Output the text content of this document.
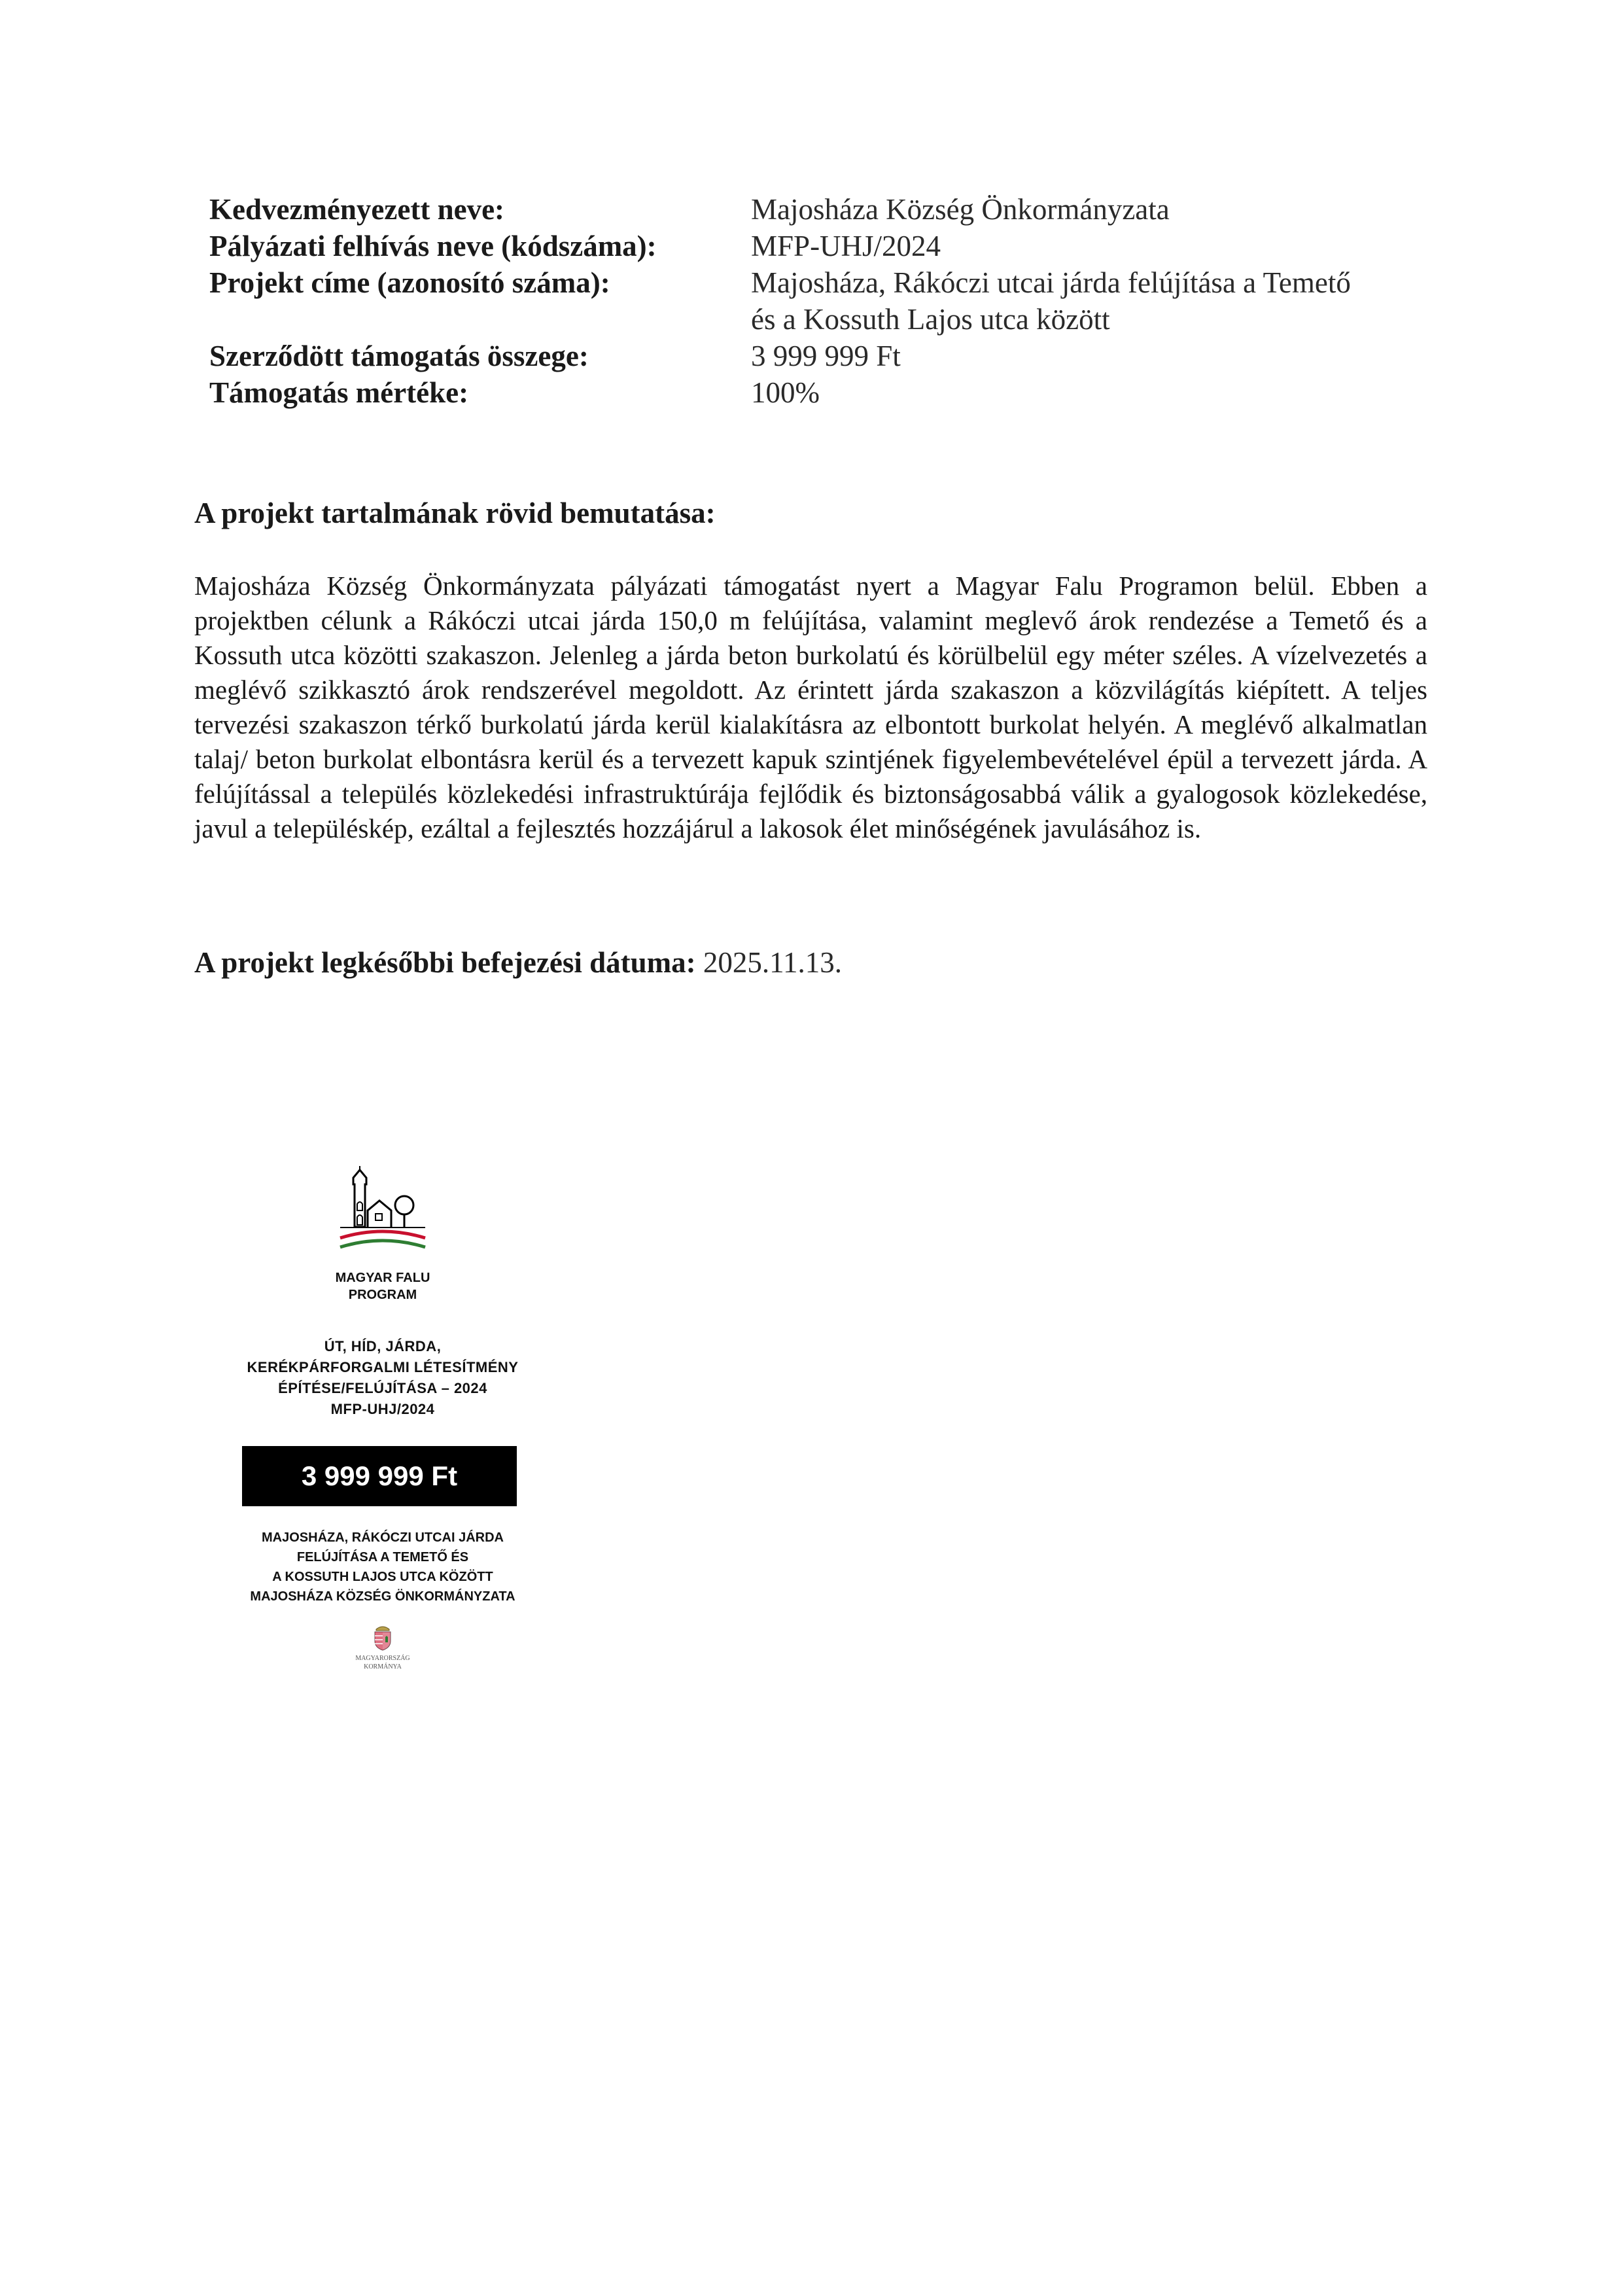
Kedvezményezett neve:	Majosháza Község Önkormányzata
Pályázati felhívás neve (kódszáma):	MFP-UHJ/2024
Projekt címe (azonosító száma):	Majosháza, Rákóczi utcai járda felújítása a Temető
és a Kossuth Lajos utca között
Szerződött támogatás összege:	3 999 999 Ft
Támogatás mértéke:	100%
A projekt tartalmának rövid bemutatása:

Majosháza Község Önkormányzata pályázati támogatást nyert a Magyar Falu Programon belül. Ebben a projektben célunk a Rákóczi utcai járda 150,0 m felújítása, valamint meglevő árok rendezése a Temető és a Kossuth utca közötti szakaszon. Jelenleg a járda beton burkolatú és körülbelül egy méter széles. A vízelvezetés a meglévő szikkasztó árok rendszerével megoldott. Az érintett járda szakaszon a közvilágítás kiépített. A teljes tervezési szakaszon térkő burkolatú járda kerül kialakításra az elbontott burkolat helyén. A meglévő alkalmatlan talaj/ beton burkolat elbontásra kerül és a tervezett kapuk szintjének figyelembevételével épül a tervezett járda. A felújítással a település közlekedési infrastruktúrája fejlődik és biztonságosabbá válik a gyalogosok közlekedése, javul a településkép, ezáltal a fejlesztés hozzájárul a lakosok élet minőségének javulásához is.

A projekt legkésőbbi befejezési dátuma: 2025.11.13.

MAGYAR FALU
PROGRAM

ÚT, HÍD, JÁRDA,
KERÉKPÁRFORGALMI LÉTESÍTMÉNY
ÉPÍTÉSE/FELÚJÍTÁSA – 2024
MFP-UHJ/2024

3 999 999 Ft

MAJOSHÁZA, RÁKÓCZI UTCAI JÁRDA
FELÚJÍTÁSA A TEMETŐ ÉS
A KOSSUTH LAJOS UTCA KÖZÖTT
MAJOSHÁZA KÖZSÉG ÖNKORMÁNYZATA

MAGYARORSZÁG
KORMÁNYA
